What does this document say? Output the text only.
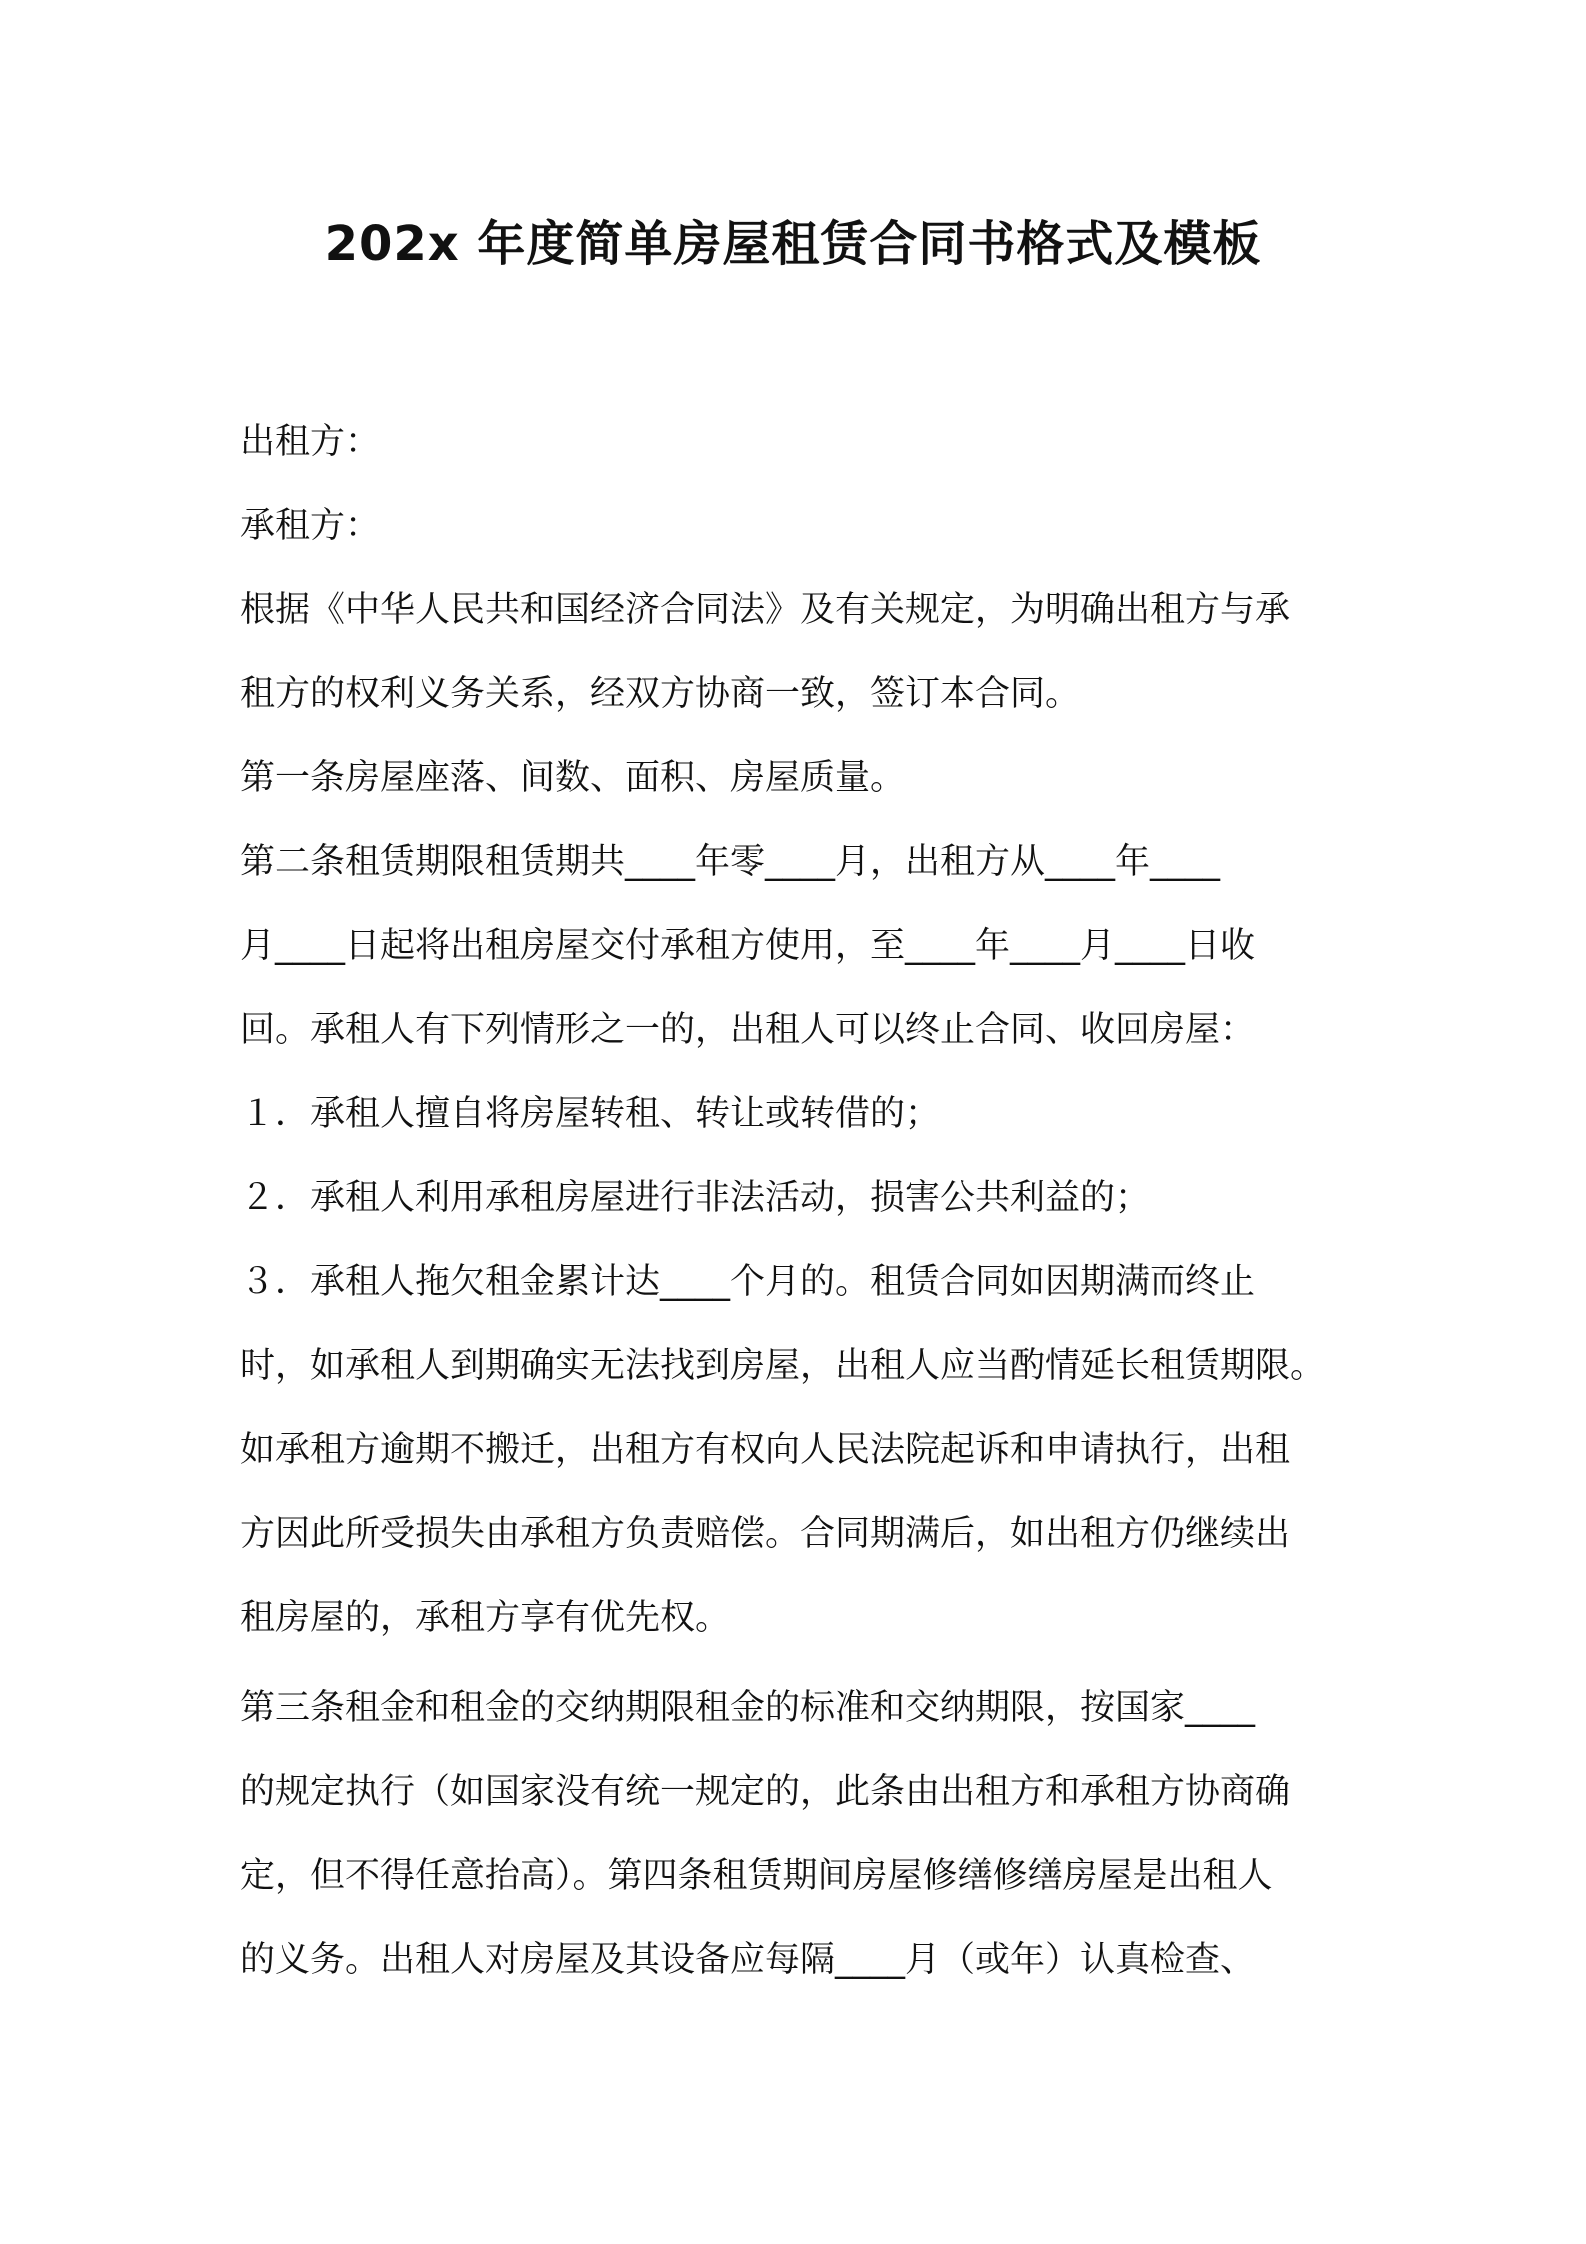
202x 年度简单房屋租赁合同书格式及模板

出租方：

承租方：

根据《中华人民共和国经济合同法》及有关规定，为明确出租方与承

租方的权利义务关系，经双方协商一致，签订本合同。

第一条房屋座落、间数、面积、房屋质量。

第二条租赁期限租赁期共____年零____月，出租方从____年____

月____日起将出租房屋交付承租方使用，至____年____月____日收

回。承租人有下列情形之一的，出租人可以终止合同、收回房屋：

１．承租人擅自将房屋转租、转让或转借的；

２．承租人利用承租房屋进行非法活动，损害公共利益的；

３．承租人拖欠租金累计达____个月的。租赁合同如因期满而终止

时，如承租人到期确实无法找到房屋，出租人应当酌情延长租赁期限。

如承租方逾期不搬迁，出租方有权向人民法院起诉和申请执行，出租

方因此所受损失由承租方负责赔偿。合同期满后，如出租方仍继续出

租房屋的，承租方享有优先权。

第三条租金和租金的交纳期限租金的标准和交纳期限，按国家____

的规定执行（如国家没有统一规定的，此条由出租方和承租方协商确

定，但不得任意抬高）。第四条租赁期间房屋修缮修缮房屋是出租人

的义务。出租人对房屋及其设备应每隔____月（或年）认真检查、
